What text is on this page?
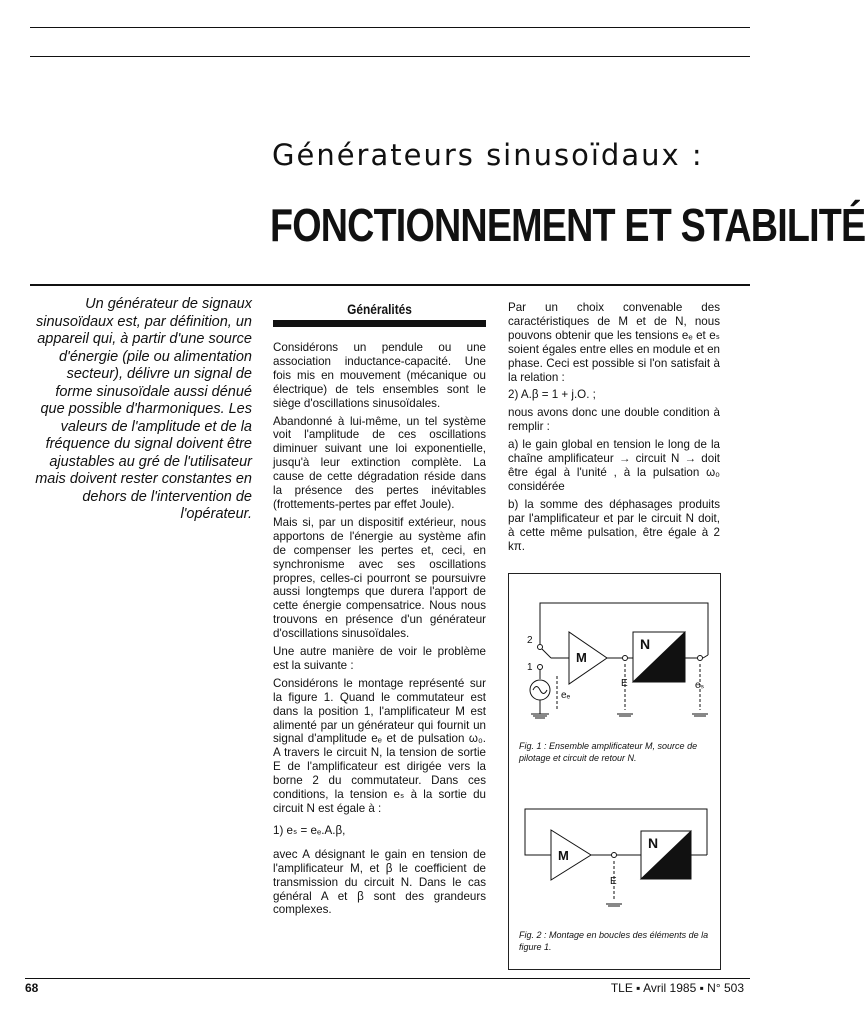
Générateurs sinusoïdaux :
FONCTIONNEMENT ET STABILITÉ
Un générateur de signaux sinusoïdaux est, par définition, un appareil qui, à partir d'une source d'énergie (pile ou alimentation secteur), délivre un signal de forme sinusoïdale aussi dénué que possible d'harmoniques. Les valeurs de l'amplitude et de la fréquence du signal doivent être ajustables au gré de l'utilisateur mais doivent rester constantes en dehors de l'intervention de l'opérateur.
Généralités

Considérons un pendule ou une association inductance-capacité. Une fois mis en mouvement (mécanique ou électrique) de tels ensembles sont le siège d'oscillations sinusoïdales.

Abandonné à lui-même, un tel système voit l'amplitude de ces oscillations diminuer suivant une loi exponentielle, jusqu'à leur extinction complète. La cause de cette dégradation réside dans la présence des pertes inévitables (frottements-pertes par effet Joule).

Mais si, par un dispositif extérieur, nous apportons de l'énergie au système afin de compenser les pertes et, ceci, en synchronisme avec ses oscillations propres, celles-ci pourront se poursuivre aussi longtemps que durera l'apport de cette énergie compensatrice. Nous nous trouvons en présence d'un générateur d'oscillations sinusoïdales.

Une autre manière de voir le problème est la suivante :

Considérons le montage représenté sur la figure 1. Quand le commutateur est dans la position 1, l'amplificateur M est alimenté par un générateur qui fournit un signal d'amplitude eₑ et de pulsation ω₀. A travers le circuit N, la tension de sortie E de l'amplificateur est dirigée vers la borne 2 du commutateur. Dans ces conditions, la tension eₛ à la sortie du circuit N est égale à :

1) eₛ = eₑ.A.β,

avec A désignant le gain en tension de l'amplificateur M, et β le coefficient de transmission du circuit N. Dans le cas général A et β sont des grandeurs complexes.

Par un choix convenable des caractéristiques de M et de N, nous pouvons obtenir que les tensions eₑ et eₛ soient égales entre elles en module et en phase. Ceci est possible si l'on satisfait à la relation :

2) A.β = 1 + j.O. ;

nous avons donc une double condition à remplir :

a) le gain global en tension le long de la chaîne amplificateur → circuit N → doit être égal à l'unité , à la pulsation ω₀ considérée

b) la somme des déphasages produits par l'amplificateur et par le circuit N doit, à cette même pulsation, être égale à 2 kπ.

M
N
2
1
eₑ
E	eₛ
Fig. 1 : Ensemble amplificateur M, source de pilotage et circuit de retour N.
M
N
E
Fig. 2 : Montage en boucles des éléments de la figure 1.
68	TLE ▪ Avril 1985 ▪ N° 503
